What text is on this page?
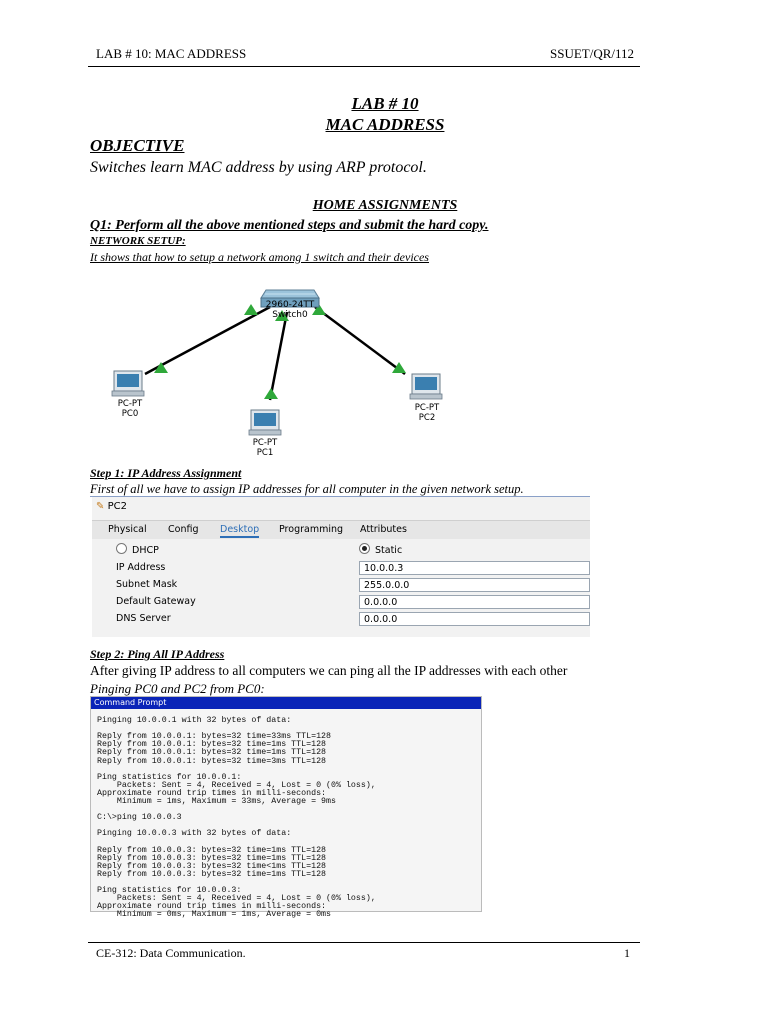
LAB # 10: MAC ADDRESS	SSUET/QR/112
LAB # 10
MAC ADDRESS
OBJECTIVE
Switches learn MAC address by using ARP protocol.
HOME ASSIGNMENTS
Q1: Perform all the above mentioned steps and submit the hard copy.
NETWORK SETUP:
It shows that how to setup a network among 1 switch and their devices
2960-24TT
Switch0
PC-PT
PC0
PC-PT
PC1
PC-PT
PC2
Step 1: IP Address Assignment
First of all we have to assign IP addresses for all computer in the given network setup.
✎ PC2
Physical Config Desktop Programming Attributes
DHCP	Static
IP Address	10.0.0.3
Subnet Mask	255.0.0.0
Default Gateway	0.0.0.0
DNS Server	0.0.0.0
Step 2: Ping All IP Address
After giving IP address to all computers we can ping all the IP addresses with each other
Pinging PC0 and PC2 from PC0:
Command Prompt
Pinging 10.0.0.1 with 32 bytes of data:
Reply from 10.0.0.1: bytes=32 time=33ms TTL=128
Reply from 10.0.0.1: bytes=32 time=1ms TTL=128
Reply from 10.0.0.1: bytes=32 time=1ms TTL=128
Reply from 10.0.0.1: bytes=32 time=3ms TTL=128
Ping statistics for 10.0.0.1:
Packets: Sent = 4, Received = 4, Lost = 0 (0% loss),
Approximate round trip times in milli-seconds:
Minimum = 1ms, Maximum = 33ms, Average = 9ms
C:\>ping 10.0.0.3
Pinging 10.0.0.3 with 32 bytes of data:
Reply from 10.0.0.3: bytes=32 time=1ms TTL=128
Reply from 10.0.0.3: bytes=32 time=1ms TTL=128
Reply from 10.0.0.3: bytes=32 time<1ms TTL=128
Reply from 10.0.0.3: bytes=32 time=1ms TTL=128
Ping statistics for 10.0.0.3:
Packets: Sent = 4, Received = 4, Lost = 0 (0% loss),
Approximate round trip times in milli-seconds:
Minimum = 0ms, Maximum = 1ms, Average = 0ms
CE-312: Data Communication.	1
